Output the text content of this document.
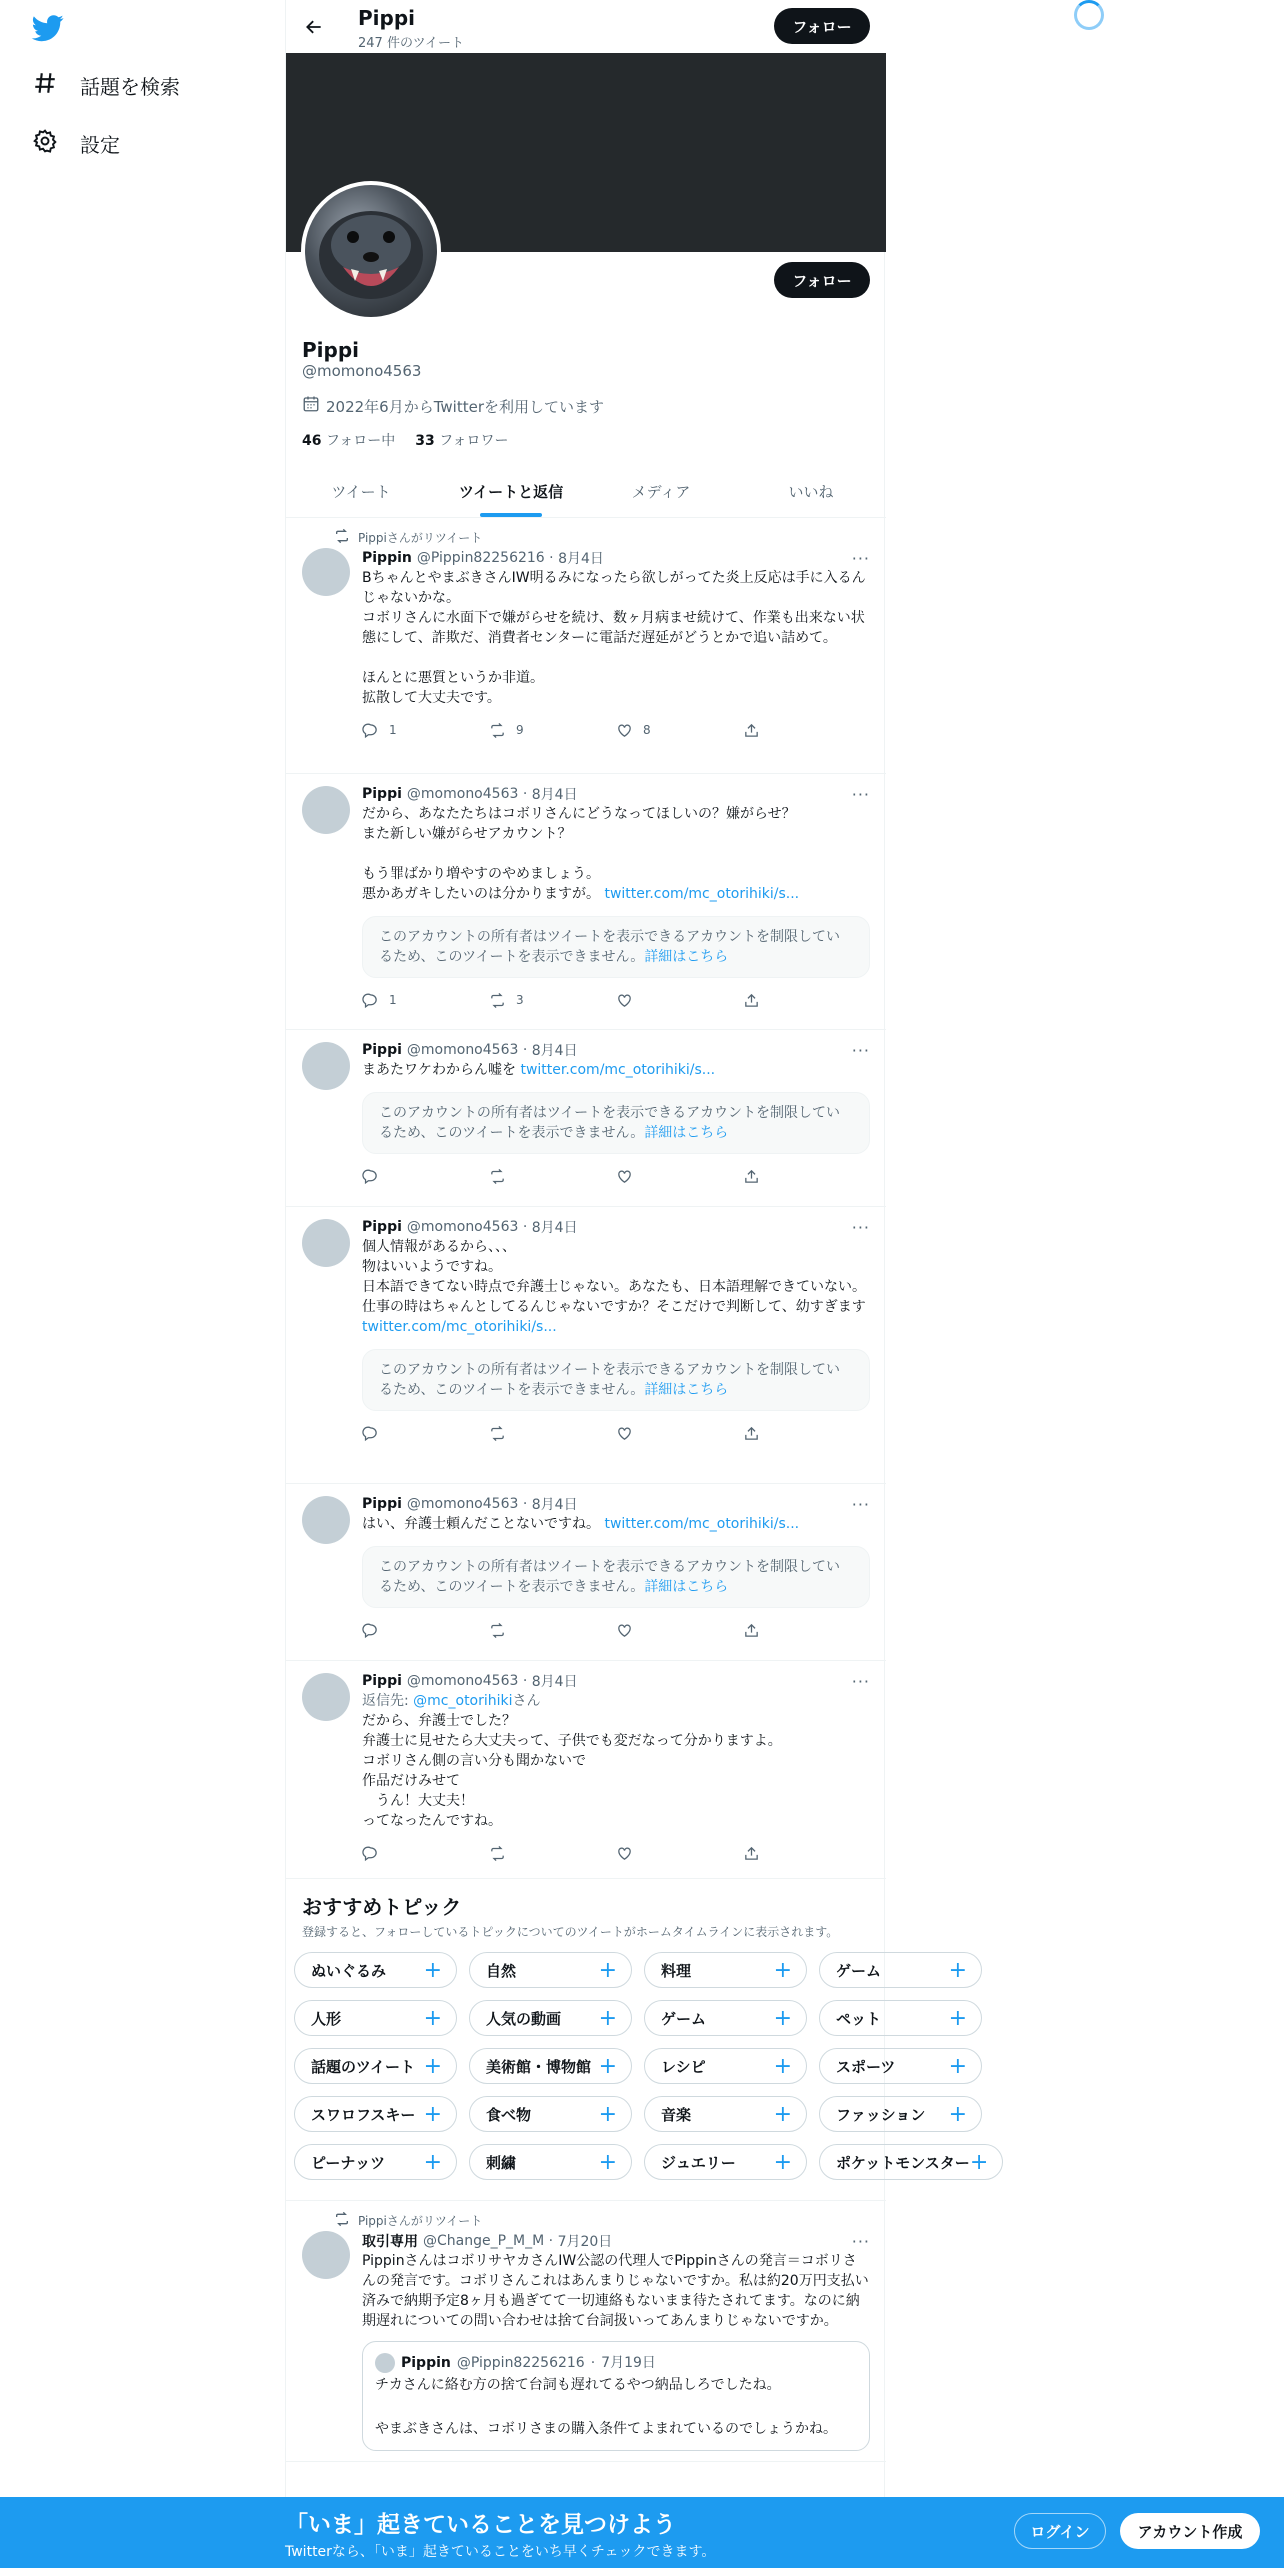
話題を検索
設定
Pippi
247 件のツイート
フォロー
フォロー
Pippi
@momono4563
2022年6月からTwitterを利用しています
46 フォロー中 33 フォロワー
ツイート	ツイートと返信	メディア	いいね
Pippiさんがリツイート
Pippin @Pippin82256216 · 8月4日	···
BちゃんとやまぶきさんIW明るみになったら欲しがってた炎上反応は手に入るんじゃないかな。
コボリさんに水面下で嫌がらせを続け、数ヶ月病ませ続けて、作業も出来ない状態にして、詐欺だ、消費者センターに電話だ遅延がどうとかで追い詰めて。

ほんとに悪質というか非道。
拡散して大丈夫です。
1	9	8
Pippi @momono4563 · 8月4日	···
だから、あなたたちはコボリさんにどうなってほしいの？嫌がらせ？
また新しい嫌がらせアカウント？

もう罪ばかり増やすのやめましょう。
悪かあガキしたいのは分かりますが。 twitter.com/mc_otorihiki/s...
このアカウントの所有者はツイートを表示できるアカウントを制限しているため、このツイートを表示できません。詳細はこちら
1	3
Pippi @momono4563 · 8月4日	···
まあたワケわからん嘘を twitter.com/mc_otorihiki/s...
このアカウントの所有者はツイートを表示できるアカウントを制限しているため、このツイートを表示できません。詳細はこちら
Pippi @momono4563 · 8月4日	···
個人情報があるから、、、
物はいいようですね。
日本語できてない時点で弁護士じゃない。あなたも、日本語理解できていない。
仕事の時はちゃんとしてるんじゃないですか？そこだけで判断して、幼すぎます twitter.com/mc_otorihiki/s...
このアカウントの所有者はツイートを表示できるアカウントを制限しているため、このツイートを表示できません。詳細はこちら
Pippi @momono4563 · 8月4日	···
はい、弁護士頼んだことないですね。 twitter.com/mc_otorihiki/s...
このアカウントの所有者はツイートを表示できるアカウントを制限しているため、このツイートを表示できません。詳細はこちら
Pippi @momono4563 · 8月4日	···
返信先: @mc_otorihikiさん
だから、弁護士でした？
弁護士に見せたら大丈夫って、子供でも変だなって分かりますよ。
コボリさん側の言い分も聞かないで
作品だけみせて
　うん！大丈夫！
ってなったんですね。
おすすめトピック
登録すると、フォローしているトピックについてのツイートがホームタイムラインに表示されます。
ぬいぐるみ +	自然	+	料理	+	ゲーム	+
人形	+	人気の動画 +	ゲーム	+	ペット	+
話題のツイート +	美術館・博物館 +	レシピ	+	スポーツ +
スワロフスキー +	食べ物	+	音楽	+	ファッション +
ピーナッツ +	刺繍	+	ジュエリー +	ポケットモンスター +
Pippiさんがリツイート
取引専用 @Change_P_M_M · 7月20日	···
PippinさんはコボリサヤカさんIW公認の代理人でPippinさんの発言＝コボリさんの発言です。コボリさんこれはあんまりじゃないですか。私は約20万円支払い済みで納期予定8ヶ月も過ぎてて一切連絡もないまま待たされてます。なのに納期遅れについての問い合わせは捨て台詞扱いってあんまりじゃないですか。
Pippin @Pippin82256216 · 7月19日
チカさんに絡む方の捨て台詞も遅れてるやつ納品しろでしたね。

やまぶきさんは、コボリさまの購入条件てよまれているのでしょうかね。
「いま」起きていることを見つけよう
Twitterなら、「いま」起きていることをいち早くチェックできます。
ログイン	アカウント作成
